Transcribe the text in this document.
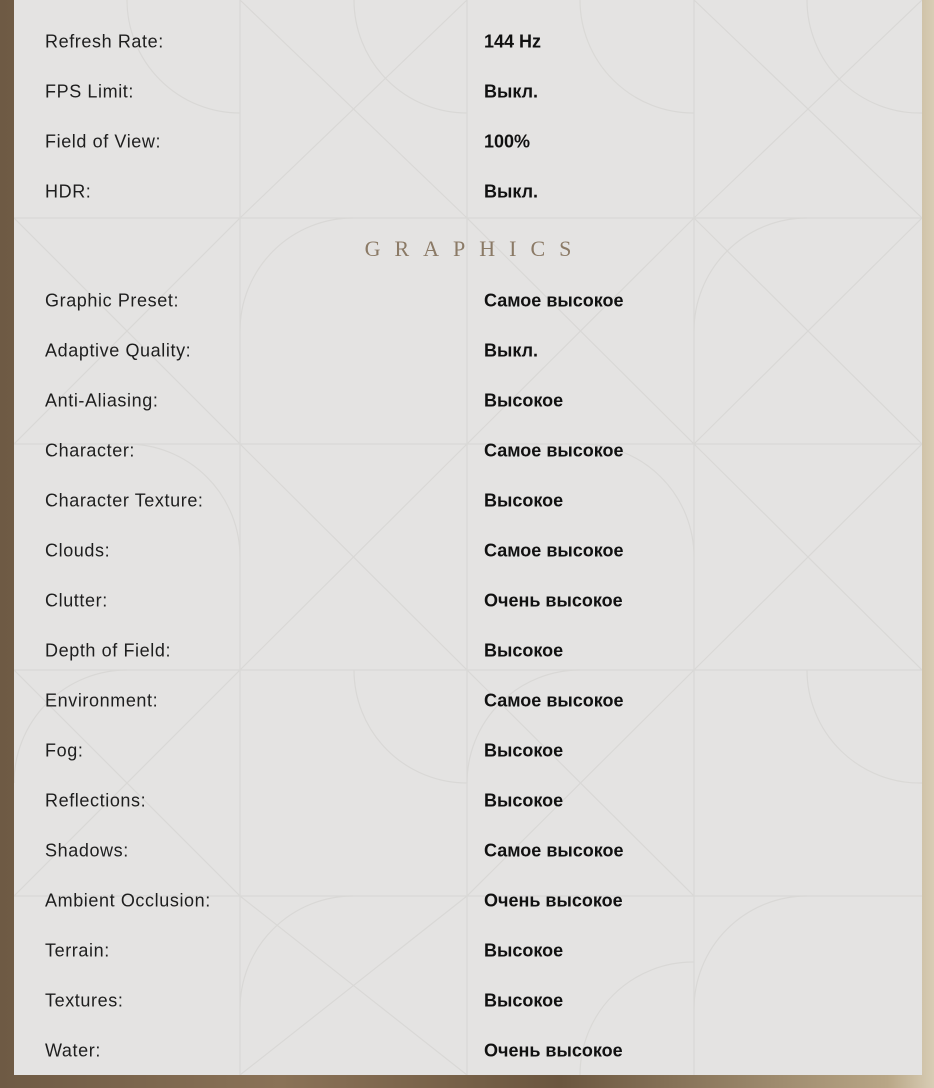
Refresh Rate:	144 Hz
FPS Limit:	Выкл.
Field of View:	100%
HDR:	Выкл.
GRAPHICS
Graphic Preset:	Самое высокое
Adaptive Quality:	Выкл.
Anti-Aliasing:	Высокое
Character:	Самое высокое
Character Texture:	Высокое
Clouds:	Самое высокое
Clutter:	Очень высокое
Depth of Field:	Высокое
Environment:	Самое высокое
Fog:	Высокое
Reflections:	Высокое
Shadows:	Самое высокое
Ambient Occlusion:	Очень высокое
Terrain:	Высокое
Textures:	Высокое
Water:	Очень высокое
